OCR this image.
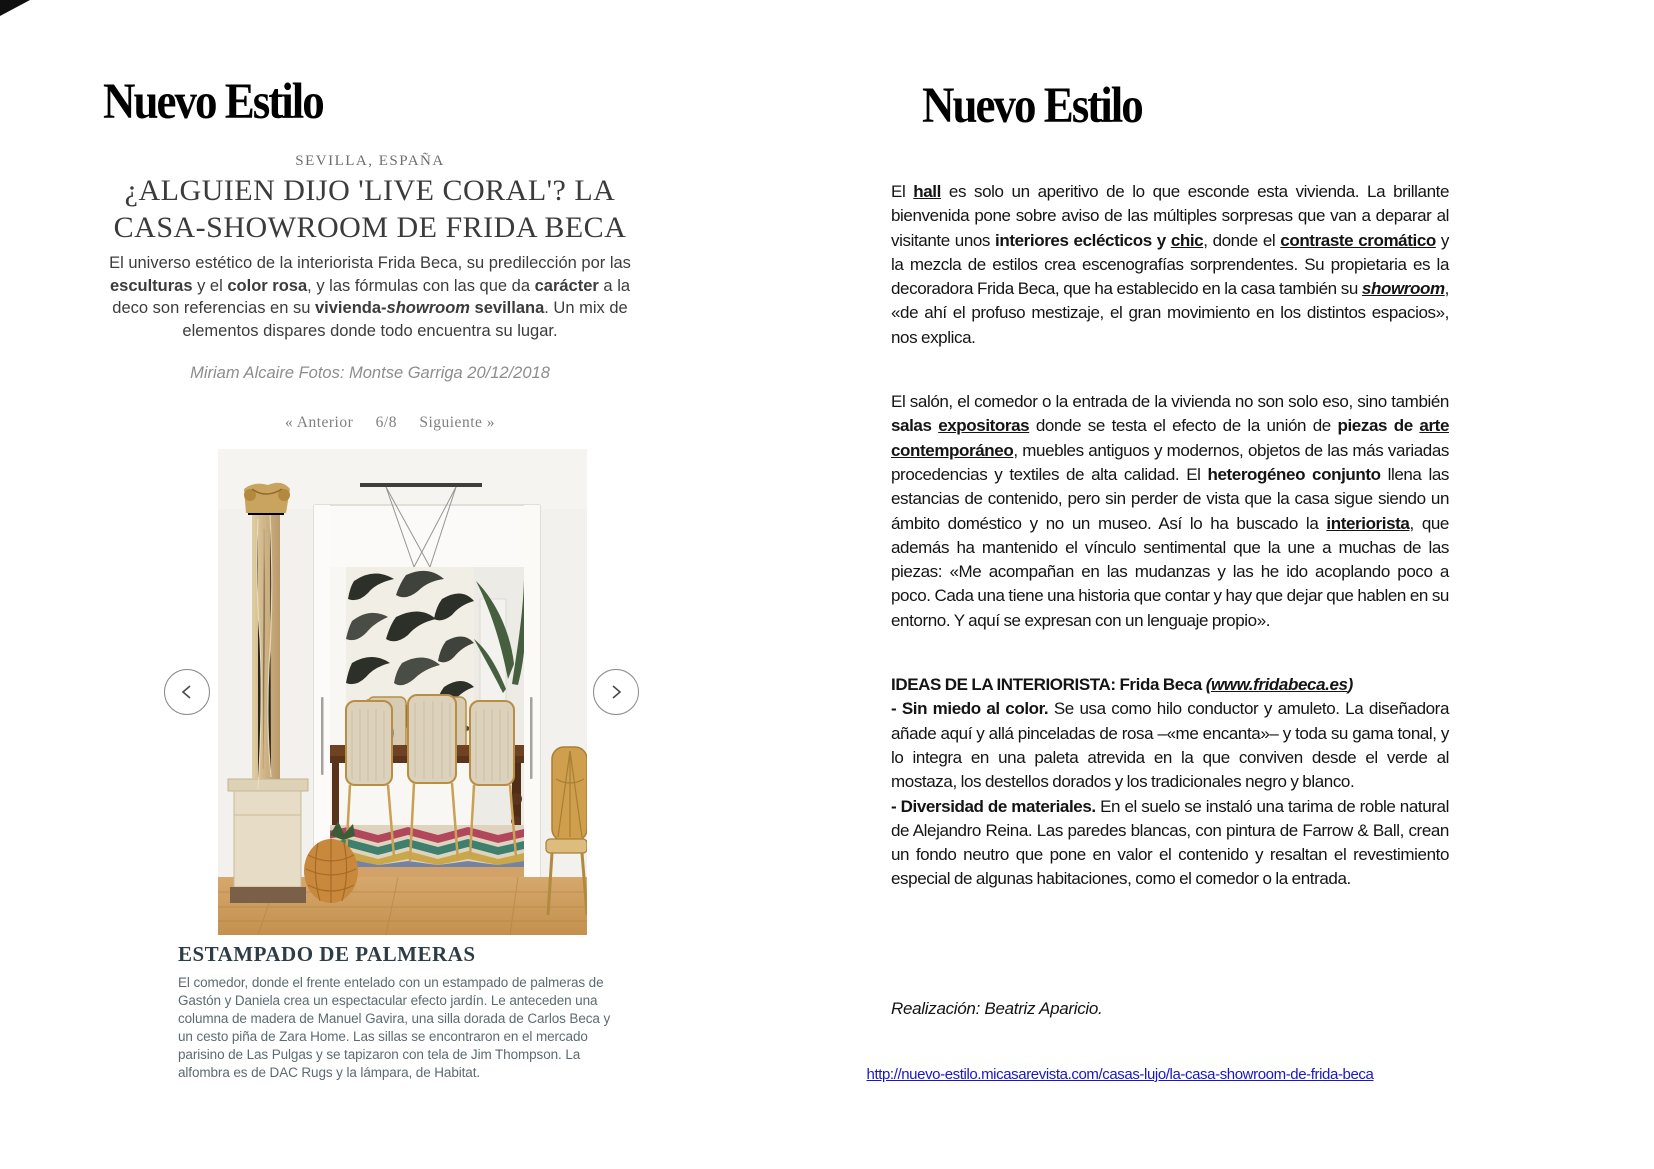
Nuevo Estilo
SEVILLA, ESPAÑA
¿ALGUIEN DIJO 'LIVE CORAL'? LA
CASA-SHOWROOM DE FRIDA BECA
El universo estético de la interiorista Frida Beca, su predilección por las esculturas y el color rosa, y las fórmulas con las que da carácter a la deco son referencias en su vivienda-showroom sevillana. Un mix de elementos dispares donde todo encuentra su lugar.
Miriam Alcaire Fotos: Montse Garriga 20/12/2018
« Anterior 6/8 Siguiente »
ESTAMPADO DE PALMERAS
El comedor, donde el frente entelado con un estampado de palmeras de Gastón y Daniela crea un espectacular efecto jardín. Le anteceden una columna de madera de Manuel Gavira, una silla dorada de Carlos Beca y un cesto piña de Zara Home. Las sillas se encontraron en el mercado parisino de Las Pulgas y se tapizaron con tela de Jim Thompson. La alfombra es de DAC Rugs y la lámpara, de Habitat.
Nuevo Estilo

El hall es solo un aperitivo de lo que esconde esta vivienda. La brillante bienvenida pone sobre aviso de las múltiples sorpresas que van a deparar al visitante unos interiores eclécticos y chic, donde el contraste cromático y la mezcla de estilos crea escenografías sorprendentes. Su propietaria es la decoradora Frida Beca, que ha establecido en la casa también su showroom, «de ahí el profuso mestizaje, el gran movimiento en los distintos espacios», nos explica.

El salón, el comedor o la entrada de la vivienda no son solo eso, sino también salas expositoras donde se testa el efecto de la unión de piezas de arte contemporáneo, muebles antiguos y modernos, objetos de las más variadas procedencias y textiles de alta calidad. El heterogéneo conjunto llena las estancias de contenido, pero sin perder de vista que la casa sigue siendo un ámbito doméstico y no un museo. Así lo ha buscado la interiorista, que además ha mantenido el vínculo sentimental que la une a muchas de las piezas: «Me acompañan en las mudanzas y las he ido acoplando poco a poco. Cada una tiene una historia que contar y hay que dejar que hablen en su entorno. Y aquí se expresan con un lenguaje propio».

IDEAS DE LA INTERIORISTA: Frida Beca (www.fridabeca.es)
- Sin miedo al color. Se usa como hilo conductor y amuleto. La diseñadora añade aquí y allá pinceladas de rosa –«me encanta»– y toda su gama tonal, y lo integra en una paleta atrevida en la que conviven desde el verde al mostaza, los destellos dorados y los tradicionales negro y blanco.
- Diversidad de materiales. En el suelo se instaló una tarima de roble natural de Alejandro Reina. Las paredes blancas, con pintura de Farrow & Ball, crean un fondo neutro que pone en valor el contenido y resaltan el revestimiento especial de algunas habitaciones, como el comedor o la entrada.

Realización: Beatriz Aparicio.
http://nuevo-estilo.micasarevista.com/casas-lujo/la-casa-showroom-de-frida-beca
